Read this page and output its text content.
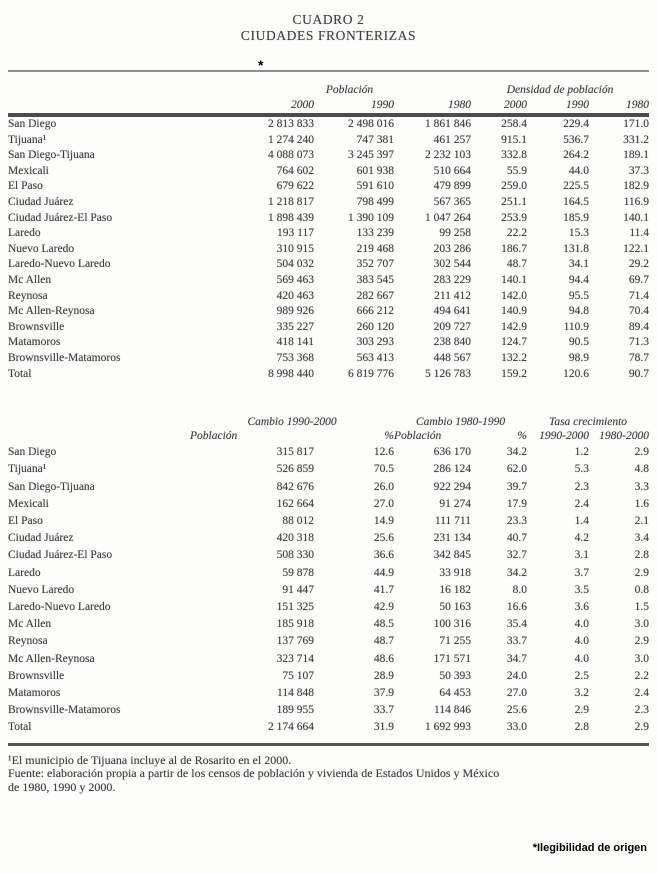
CUADRO 2
CIUDADES FRONTERIZAS
*
	Población			Densidad de población		
	2000	1990	1980	2000	1990	1980
San Diego	2 813 833	2 498 016	1 861 846	258.4	229.4	171.0
Tijuana¹	1 274 240	747 381	461 257	915.1	536.7	331.2
San Diego-Tijuana	4 088 073	3 245 397	2 232 103	332.8	264.2	189.1
Mexicali	764 602	601 938	510 664	55.9	44.0	37.3
El Paso	679 622	591 610	479 899	259.0	225.5	182.9
Ciudad Juárez	1 218 817	798 499	567 365	251.1	164.5	116.9
Ciudad Juárez-El Paso	1 898 439	1 390 109	1 047 264	253.9	185.9	140.1
Laredo	193 117	133 239	99 258	22.2	15.3	11.4
Nuevo Laredo	310 915	219 468	203 286	186.7	131.8	122.1
Laredo-Nuevo Laredo	504 032	352 707	302 544	48.7	34.1	29.2
Mc Allen	569 463	383 545	283 229	140.1	94.4	69.7
Reynosa	420 463	282 667	211 412	142.0	95.5	71.4
Mc Allen-Reynosa	989 926	666 212	494 641	140.9	94.8	70.4
Brownsville	335 227	260 120	209 727	142.9	110.9	89.4
Matamoros	418 141	303 293	238 840	124.7	90.5	71.3
Brownsville-Matamoros	753 368	563 413	448 567	132.2	98.9	78.7
Total	8 998 440	6 819 776	5 126 783	159.2	120.6	90.7
	Cambio 1990-2000		Cambio 1980-1990		Tasa crecimiento	
	Población	%	Población	%	1990-2000	1980-2000
San Diego	315 817	12.6	636 170	34.2	1.2	2.9
Tijuana¹	526 859	70.5	286 124	62.0	5.3	4.8
San Diego-Tijuana	842 676	26.0	922 294	39.7	2.3	3.3
Mexicali	162 664	27.0	91 274	17.9	2.4	1.6
El Paso	88 012	14.9	111 711	23.3	1.4	2.1
Ciudad Juárez	420 318	25.6	231 134	40.7	4.2	3.4
Ciudad Juárez-El Paso	508 330	36.6	342 845	32.7	3.1	2.8
Laredo	59 878	44.9	33 918	34.2	3.7	2.9
Nuevo Laredo	91 447	41.7	16 182	8.0	3.5	0.8
Laredo-Nuevo Laredo	151 325	42.9	50 163	16.6	3.6	1.5
Mc Allen	185 918	48.5	100 316	35.4	4.0	3.0
Reynosa	137 769	48.7	71 255	33.7	4.0	2.9
Mc Allen-Reynosa	323 714	48.6	171 571	34.7	4.0	3.0
Brownsville	75 107	28.9	50 393	24.0	2.5	2.2
Matamoros	114 848	37.9	64 453	27.0	3.2	2.4
Brownsville-Matamoros	189 955	33.7	114 846	25.6	2.9	2.3
Total	2 174 664	31.9	1 692 993	33.0	2.8	2.9
¹El municipio de Tijuana incluye al de Rosarito en el 2000.
Fuente: elaboración propia a partir de los censos de población y vivienda de Estados Unidos y México
de 1980, 1990 y 2000.
*Ilegibilidad de origen
